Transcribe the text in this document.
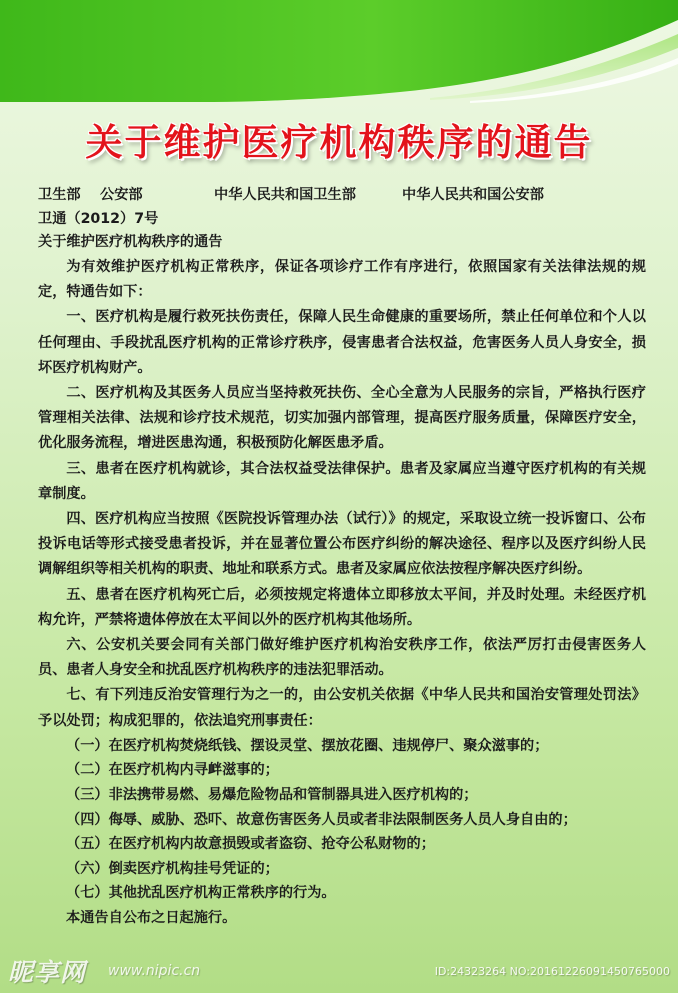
关于维护医疗机构秩序的通告
卫生部 公安部	中华人民共和国卫生部	中华人民共和国公安部
卫通（2012）7号
关于维护医疗机构秩序的通告

为有效维护医疗机构正常秩序，保证各项诊疗工作有序进行，依照国家有关法律法规的规定，特通告如下：

一、医疗机构是履行救死扶伤责任，保障人民生命健康的重要场所，禁止任何单位和个人以任何理由、手段扰乱医疗机构的正常诊疗秩序，侵害患者合法权益，危害医务人员人身安全，损坏医疗机构财产。

二、医疗机构及其医务人员应当坚持救死扶伤、全心全意为人民服务的宗旨，严格执行医疗管理相关法律、法规和诊疗技术规范，切实加强内部管理，提高医疗服务质量，保障医疗安全，优化服务流程，增进医患沟通，积极预防化解医患矛盾。

三、患者在医疗机构就诊，其合法权益受法律保护。患者及家属应当遵守医疗机构的有关规章制度。

四、医疗机构应当按照《医院投诉管理办法（试行）》的规定，采取设立统一投诉窗口、公布投诉电话等形式接受患者投诉，并在显著位置公布医疗纠纷的解决途径、程序以及医疗纠纷人民调解组织等相关机构的职责、地址和联系方式。患者及家属应依法按程序解决医疗纠纷。

五、患者在医疗机构死亡后，必须按规定将遗体立即移放太平间，并及时处理。未经医疗机构允许，严禁将遗体停放在太平间以外的医疗机构其他场所。

六、公安机关要会同有关部门做好维护医疗机构治安秩序工作，依法严厉打击侵害医务人员、患者人身安全和扰乱医疗机构秩序的违法犯罪活动。

七、有下列违反治安管理行为之一的，由公安机关依据《中华人民共和国治安管理处罚法》予以处罚；构成犯罪的，依法追究刑事责任：

（一）在医疗机构焚烧纸钱、摆设灵堂、摆放花圈、违规停尸、聚众滋事的；
（二）在医疗机构内寻衅滋事的；
（三）非法携带易燃、易爆危险物品和管制器具进入医疗机构的；
（四）侮辱、威胁、恐吓、故意伤害医务人员或者非法限制医务人员人身自由的；
（五）在医疗机构内故意损毁或者盗窃、抢夺公私财物的；
（六）倒卖医疗机构挂号凭证的；
（七）其他扰乱医疗机构正常秩序的行为。
本通告自公布之日起施行。
昵享网 www.nipic.cn	ID:24323264 NO:20161226091450765000
